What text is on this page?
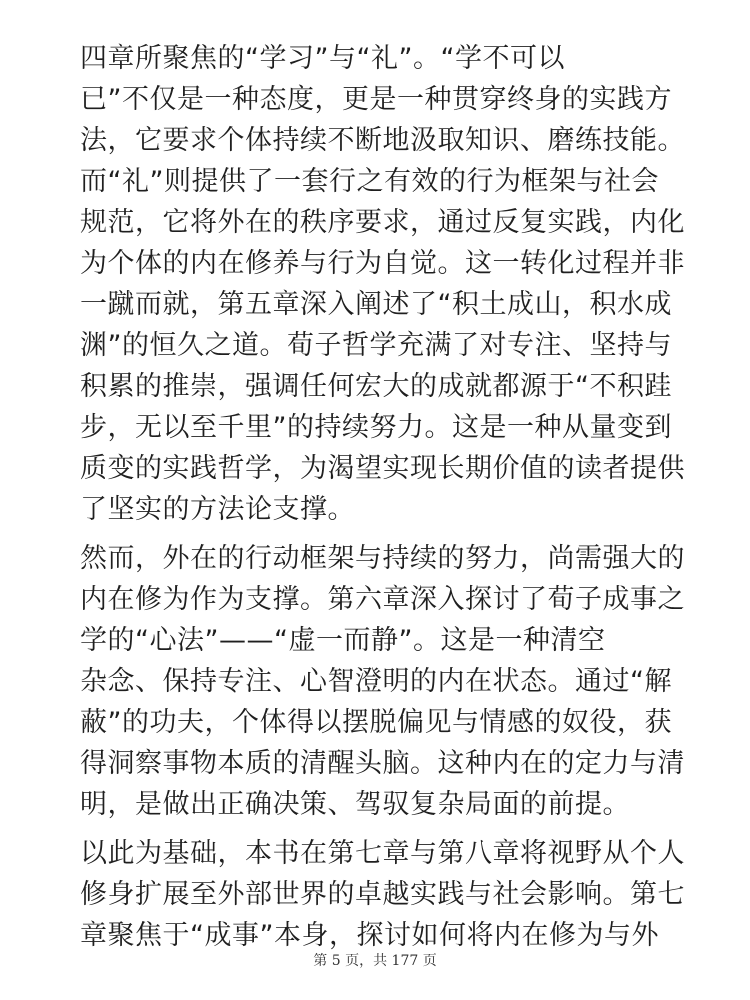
四章所聚焦的“学习”与“礼”。“学不可以
已”不仅是一种态度，更是一种贯穿终身的实践方
法，它要求个体持续不断地汲取知识、磨练技能。
而“礼”则提供了一套行之有效的行为框架与社会
规范，它将外在的秩序要求，通过反复实践，内化
为个体的内在修养与行为自觉。这一转化过程并非
一蹴而就，第五章深入阐述了“积土成山，积水成
渊”的恒久之道。荀子哲学充满了对专注、坚持与
积累的推崇，强调任何宏大的成就都源于“不积跬
步，无以至千里”的持续努力。这是一种从量变到
质变的实践哲学，为渴望实现长期价值的读者提供
了坚实的方法论支撑。
然而，外在的行动框架与持续的努力，尚需强大的
内在修为作为支撑。第六章深入探讨了荀子成事之
学的“心法”——“虚一而静”。这是一种清空
杂念、保持专注、心智澄明的内在状态。通过“解
蔽”的功夫，个体得以摆脱偏见与情感的奴役，获
得洞察事物本质的清醒头脑。这种内在的定力与清
明，是做出正确决策、驾驭复杂局面的前提。
以此为基础，本书在第七章与第八章将视野从个人
修身扩展至外部世界的卓越实践与社会影响。第七
章聚焦于“成事”本身，探讨如何将内在修为与外
第 5 页，共 177 页
